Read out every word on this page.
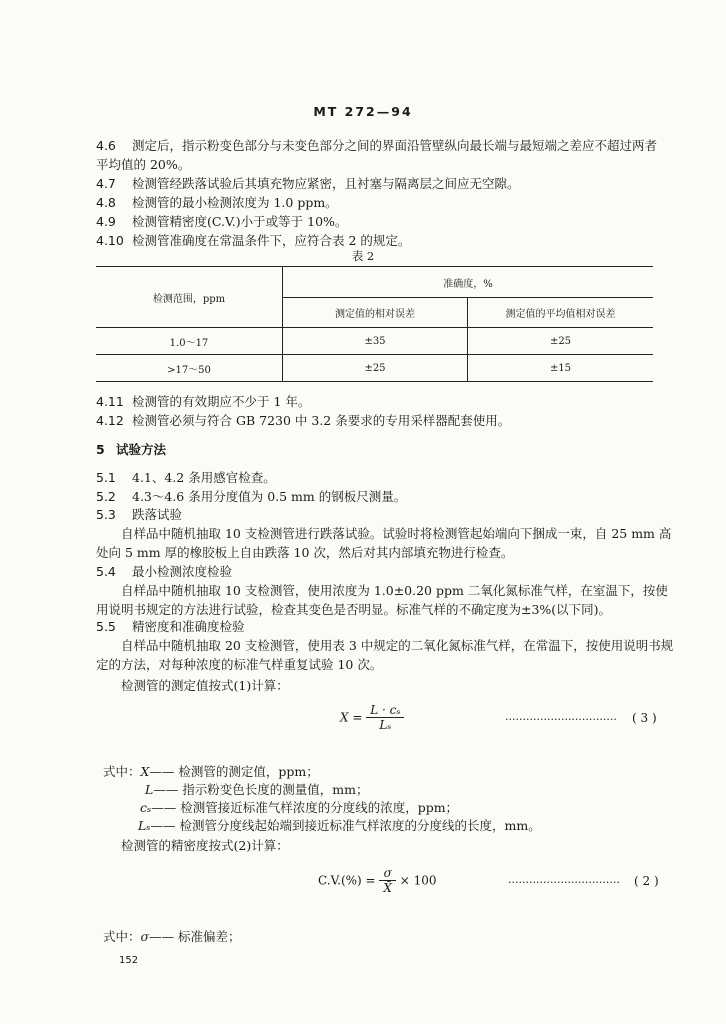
MT 272—94
4.6 测定后，指示粉变色部分与未变色部分之间的界面沿管壁纵向最长端与最短端之差应不超过两者
平均值的 20%。
4.7 检测管经跌落试验后其填充物应紧密，且衬塞与隔离层之间应无空隙。
4.8 检测管的最小检测浓度为 1.0 ppm。
4.9 检测管精密度(C.V.)小于或等于 10%。
4.10 检测管准确度在常温条件下，应符合表 2 的规定。
表 2
检测范围，ppm	准确度，%	
	测定值的相对误差	测定值的平均值相对误差
1.0～17	±35	±25
>17～50	±25	±15
4.11 检测管的有效期应不少于 1 年。
4.12 检测管必须与符合 GB 7230 中 3.2 条要求的专用采样器配套使用。
5 试验方法
5.1 4.1、4.2 条用感官检查。
5.2 4.3～4.6 条用分度值为 0.5 mm 的钢板尺测量。
5.3 跌落试验
自样品中随机抽取 10 支检测管进行跌落试验。试验时将检测管起始端向下捆成一束，自 25 mm 高
处向 5 mm 厚的橡胶板上自由跌落 10 次，然后对其内部填充物进行检查。
5.4 最小检测浓度检验
自样品中随机抽取 10 支检测管，使用浓度为 1.0±0.20 ppm 二氧化氮标准气样，在室温下，按使
用说明书规定的方法进行试验，检查其变色是否明显。标准气样的不确定度为±3%(以下同)。
5.5 精密度和准确度检验
自样品中随机抽取 20 支检测管，使用表 3 中规定的二氧化氮标准气样，在常温下，按使用说明书规
定的方法，对每种浓度的标准气样重复试验 10 次。
检测管的测定值按式(1)计算：
$X = \frac{\text{L · cₛ}}{\text{Lₛ}}$	································ ( 3 )
式中：X—— 检测管的测定值，ppm；
L—— 指示粉变色长度的测量值，mm；
cₛ—— 检测管接近标准气样浓度的分度线的浓度，ppm；
Lₛ—— 检测管分度线起始端到接近标准气样浓度的分度线的长度，mm。
检测管的精密度按式(2)计算：
$C.V.(\%) = \frac{\sigma}{X̄} \times 100$	································ ( 2 )
式中：σ—— 标准偏差；
152
